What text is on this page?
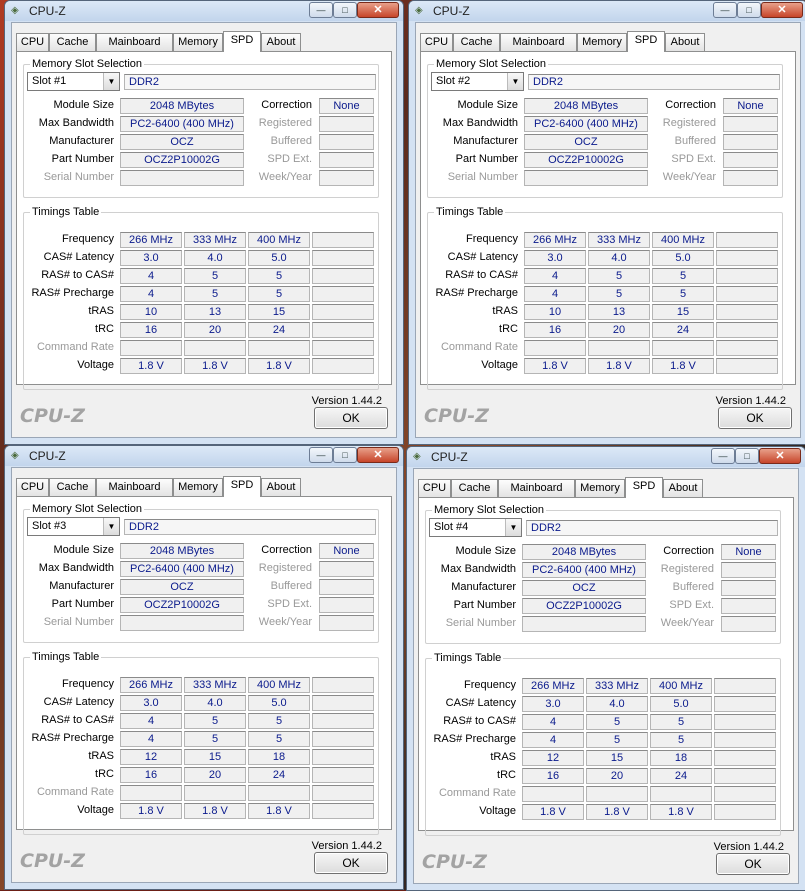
◈ CPU-Z	—	□	✕
CPU	Cache	Mainboard	Memory	SPD	About
Memory Slot Selection
Slot #1	▼	DDR2
Module Size	2048 MBytes
Max Bandwidth	PC2-6400 (400 MHz)
Manufacturer	OCZ
Part Number	OCZ2P10002G
Serial Number
Correction	None
Registered
Buffered
SPD Ext.
Week/Year
Timings Table
Frequency	266 MHz	333 MHz	400 MHz
CAS# Latency	3.0	4.0	5.0
RAS# to CAS#	4	5	5
RAS# Precharge	4	5	5
tRAS	10	13	15
tRC	16	20	24
Command Rate
Voltage	1.8 V	1.8 V	1.8 V
Version 1.44.2
CPU-Z	OK
◈ CPU-Z	—	□	✕
CPU	Cache	Mainboard	Memory	SPD	About
Memory Slot Selection
Slot #2	▼	DDR2
Module Size	2048 MBytes
Max Bandwidth	PC2-6400 (400 MHz)
Manufacturer	OCZ
Part Number	OCZ2P10002G
Serial Number
Correction	None
Registered
Buffered
SPD Ext.
Week/Year
Timings Table
Frequency	266 MHz	333 MHz	400 MHz
CAS# Latency	3.0	4.0	5.0
RAS# to CAS#	4	5	5
RAS# Precharge	4	5	5
tRAS	10	13	15
tRC	16	20	24
Command Rate
Voltage	1.8 V	1.8 V	1.8 V
Version 1.44.2
CPU-Z	OK
◈ CPU-Z	—	□	✕
CPU	Cache	Mainboard	Memory	SPD	About
Memory Slot Selection
Slot #3	▼	DDR2
Module Size	2048 MBytes
Max Bandwidth	PC2-6400 (400 MHz)
Manufacturer	OCZ
Part Number	OCZ2P10002G
Serial Number
Correction	None
Registered
Buffered
SPD Ext.
Week/Year
Timings Table
Frequency	266 MHz	333 MHz	400 MHz
CAS# Latency	3.0	4.0	5.0
RAS# to CAS#	4	5	5
RAS# Precharge	4	5	5
tRAS	12	15	18
tRC	16	20	24
Command Rate
Voltage	1.8 V	1.8 V	1.8 V
Version 1.44.2
CPU-Z	OK
◈ CPU-Z	—	□	✕
CPU	Cache	Mainboard	Memory	SPD	About
Memory Slot Selection
Slot #4	▼	DDR2
Module Size	2048 MBytes
Max Bandwidth	PC2-6400 (400 MHz)
Manufacturer	OCZ
Part Number	OCZ2P10002G
Serial Number
Correction	None
Registered
Buffered
SPD Ext.
Week/Year
Timings Table
Frequency	266 MHz	333 MHz	400 MHz
CAS# Latency	3.0	4.0	5.0
RAS# to CAS#	4	5	5
RAS# Precharge	4	5	5
tRAS	12	15	18
tRC	16	20	24
Command Rate
Voltage	1.8 V	1.8 V	1.8 V
Version 1.44.2
CPU-Z	OK
